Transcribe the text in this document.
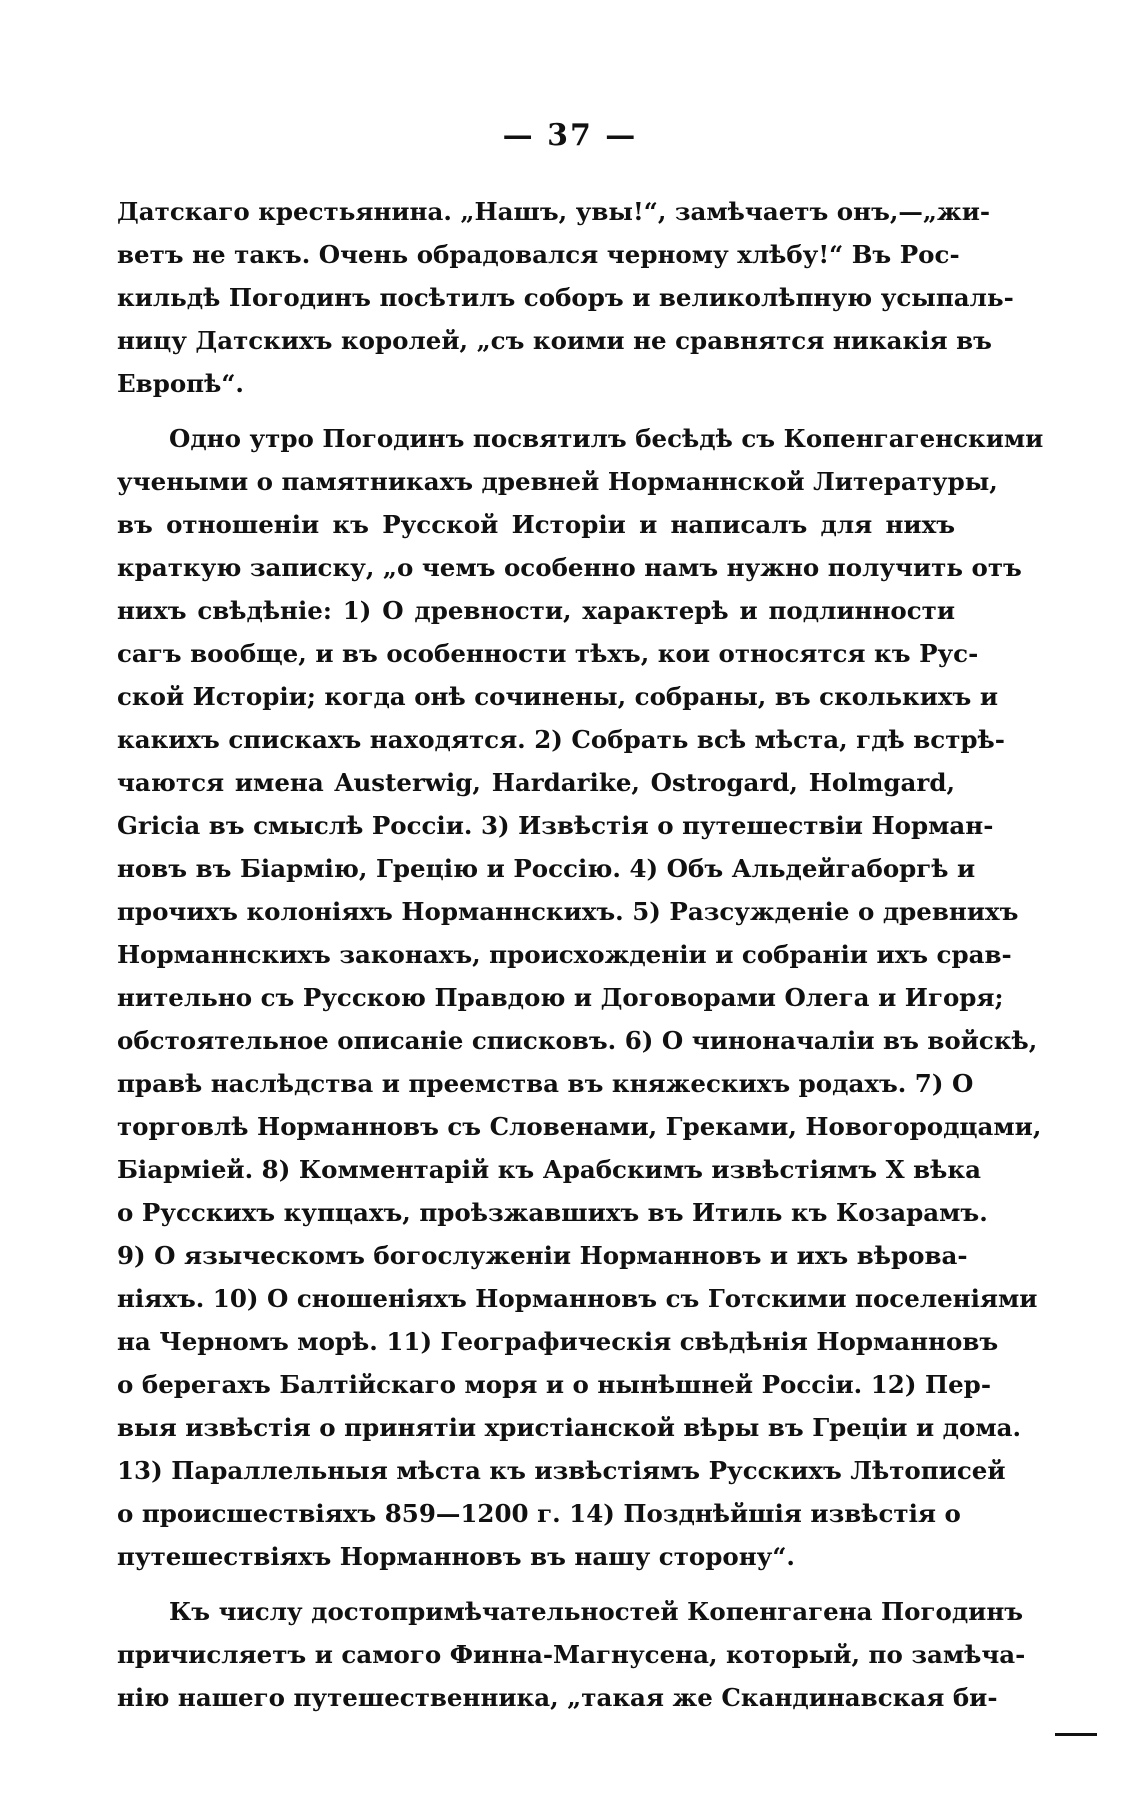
— 37 —
Датскаго крестьянина. „Нашъ, увы!“, замѣчаетъ онъ,—„жи-
ветъ не такъ. Очень обрадовался черному хлѣбу!“ Въ Рос-
кильдѣ Погодинъ посѣтилъ соборъ и великолѣпную усыпаль-
ницу Датскихъ королей, „съ коими не сравнятся никакія въ
Европѣ“.
Одно утро Погодинъ посвятилъ бесѣдѣ съ Копенгагенскими
учеными о памятникахъ древней Норманнской Литературы,
въ отношеніи къ Русской Исторіи и написалъ для нихъ
краткую записку, „о чемъ особенно намъ нужно получить отъ
нихъ свѣдѣніе: 1) О древности, характерѣ и подлинности
сагъ вообще, и въ особенности тѣхъ, кои относятся къ Рус-
ской Исторіи; когда онѣ сочинены, собраны, въ сколькихъ и
какихъ спискахъ находятся. 2) Собрать всѣ мѣста, гдѣ встрѣ-
чаются имена Austerwig, Hardarike, Ostrogard, Holmgard,
Gricia въ смыслѣ Россіи. 3) Извѣстія о путешествіи Норман-
новъ въ Біармію, Грецію и Россію. 4) Объ Альдейгаборгѣ и
прочихъ колоніяхъ Норманнскихъ. 5) Разсужденіе о древнихъ
Норманнскихъ законахъ, происхожденіи и собраніи ихъ срав-
нительно съ Русскою Правдою и Договорами Олега и Игоря;
обстоятельное описаніе списковъ. 6) О чиноначаліи въ войскѣ,
правѣ наслѣдства и преемства въ княжескихъ родахъ. 7) О
торговлѣ Норманновъ съ Словенами, Греками, Новогородцами,
Біарміей. 8) Комментарій къ Арабскимъ извѣстіямъ X вѣка
о Русскихъ купцахъ, проѣзжавшихъ въ Итиль къ Козарамъ.
9) О языческомъ богослуженіи Норманновъ и ихъ вѣрова-
ніяхъ. 10) О сношеніяхъ Норманновъ съ Готскими поселеніями
на Черномъ морѣ. 11) Географическія свѣдѣнія Норманновъ
о берегахъ Балтійскаго моря и о нынѣшней Россіи. 12) Пер-
выя извѣстія о принятіи христіанской вѣры въ Греціи и дома.
13) Параллельныя мѣста къ извѣстіямъ Русскихъ Лѣтописей
о происшествіяхъ 859—1200 г. 14) Позднѣйшія извѣстія о
путешествіяхъ Норманновъ въ нашу сторону“.
Къ числу достопримѣчательностей Копенгагена Погодинъ
причисляетъ и самого Финна-Магнусена, который, по замѣча-
нію нашего путешественника, „такая же Скандинавская би-
